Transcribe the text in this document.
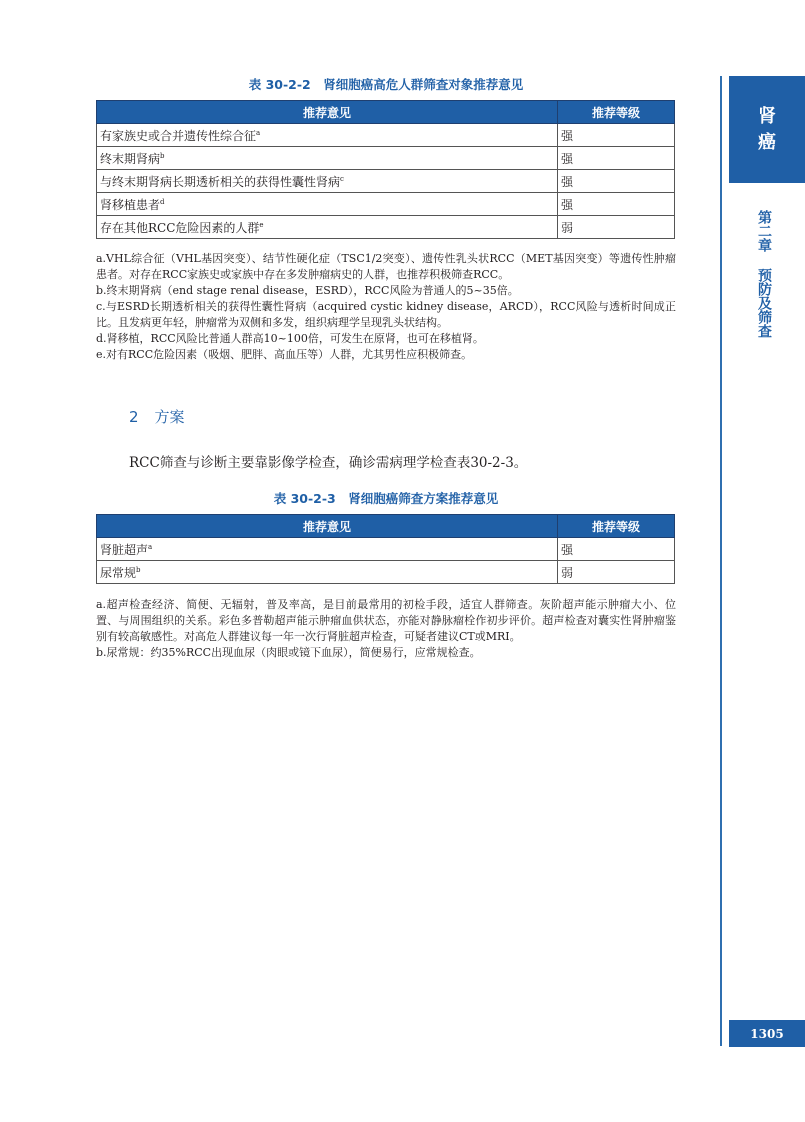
肾
癌
第二章 预防及筛查
1305
表 30-2-2　肾细胞癌高危人群筛查对象推荐意见
推荐意见	推荐等级
有家族史或合并遗传性综合征$^a$	强
终末期肾病$^b$	强
与终末期肾病长期透析相关的获得性囊性肾病$^c$	强
肾移植患者$^d$	强
存在其他RCC危险因素的人群$^e$	弱

a.VHL综合征（VHL基因突变）、结节性硬化症（TSC1/2突变）、遗传性乳头状RCC（MET基因突变）等遗传性肿瘤患者。对存在RCC家族史或家族中存在多发肿瘤病史的人群，也推荐积极筛查RCC。

b.终末期肾病（end stage renal disease，ESRD），RCC风险为普通人的5~35倍。

c.与ESRD长期透析相关的获得性囊性肾病（acquired cystic kidney disease，ARCD），RCC风险与透析时间成正比。且发病更年轻，肿瘤常为双侧和多发，组织病理学呈现乳头状结构。

d.肾移植，RCC风险比普通人群高10~100倍，可发生在原肾，也可在移植肾。

e.对有RCC危险因素（吸烟、肥胖、高血压等）人群，尤其男性应积极筛查。

2 方案
RCC筛查与诊断主要靠影像学检查，确诊需病理学检查表30-2-3。
表 30-2-3　肾细胞癌筛查方案推荐意见
推荐意见	推荐等级
肾脏超声$^a$	强
尿常规$^b$	弱

a.超声检查经济、简便、无辐射，普及率高，是目前最常用的初检手段，适宜人群筛查。灰阶超声能示肿瘤大小、位置、与周围组织的关系。彩色多普勒超声能示肿瘤血供状态，亦能对静脉瘤栓作初步评价。超声检查对囊实性肾肿瘤鉴别有较高敏感性。对高危人群建议每一年一次行肾脏超声检查，可疑者建议CT或MRI。

b.尿常规：约35%RCC出现血尿（肉眼或镜下血尿），简便易行，应常规检查。
